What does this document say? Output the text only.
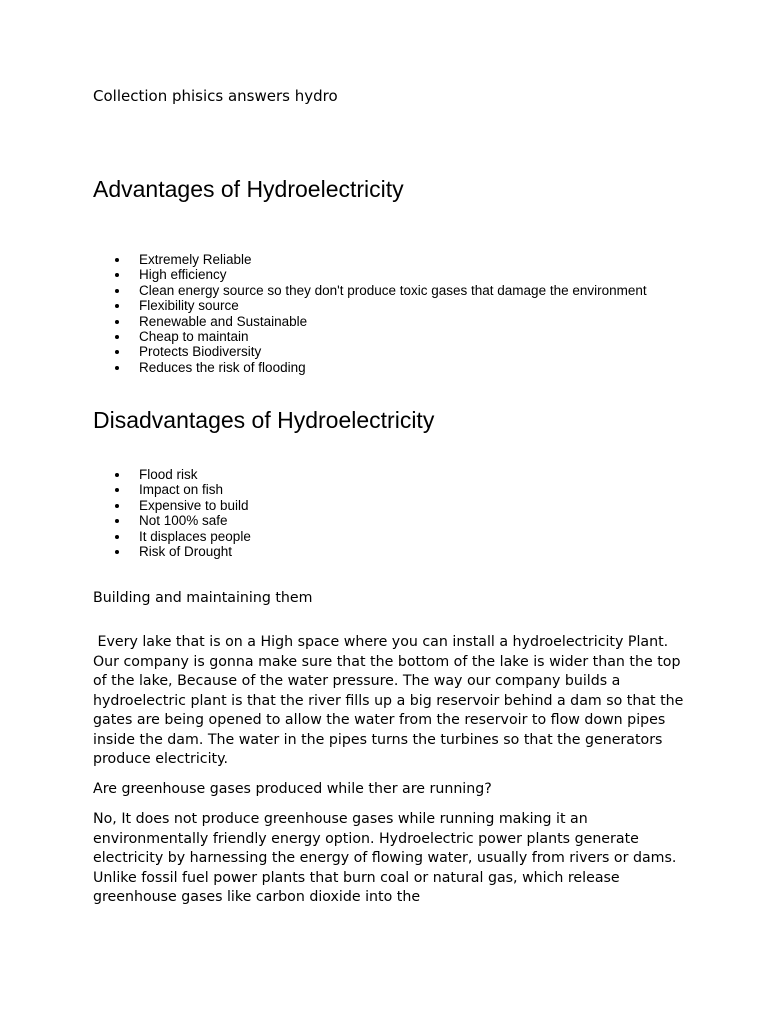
Collection phisics answers hydro
Advantages of Hydroelectricity
Extremely Reliable
High efficiency
Clean energy source so they don't produce toxic gases that damage the environment
Flexibility source
Renewable and Sustainable
Cheap to maintain
Protects Biodiversity
Reduces the risk of flooding
Disadvantages of Hydroelectricity
Flood risk
Impact on fish
Expensive to build
Not 100% safe
It displaces people
Risk of Drought

Building and maintaining them

Every lake that is on a High space where you can install a hydroelectricity Plant. Our company is gonna make sure that the bottom of the lake is wider than the top of the lake, Because of the water pressure. The way our company builds a hydroelectric plant is that the river fills up a big reservoir behind a dam so that the gates are being opened to allow the water from the reservoir to flow down pipes inside the dam. The water in the pipes turns the turbines so that the generators produce electricity.

Are greenhouse gases produced while ther are running?

No, It does not produce greenhouse gases while running making it an environmentally friendly energy option. Hydroelectric power plants generate electricity by harnessing the energy of flowing water, usually from rivers or dams. Unlike fossil fuel power plants that burn coal or natural gas, which release greenhouse gases like carbon dioxide into the
